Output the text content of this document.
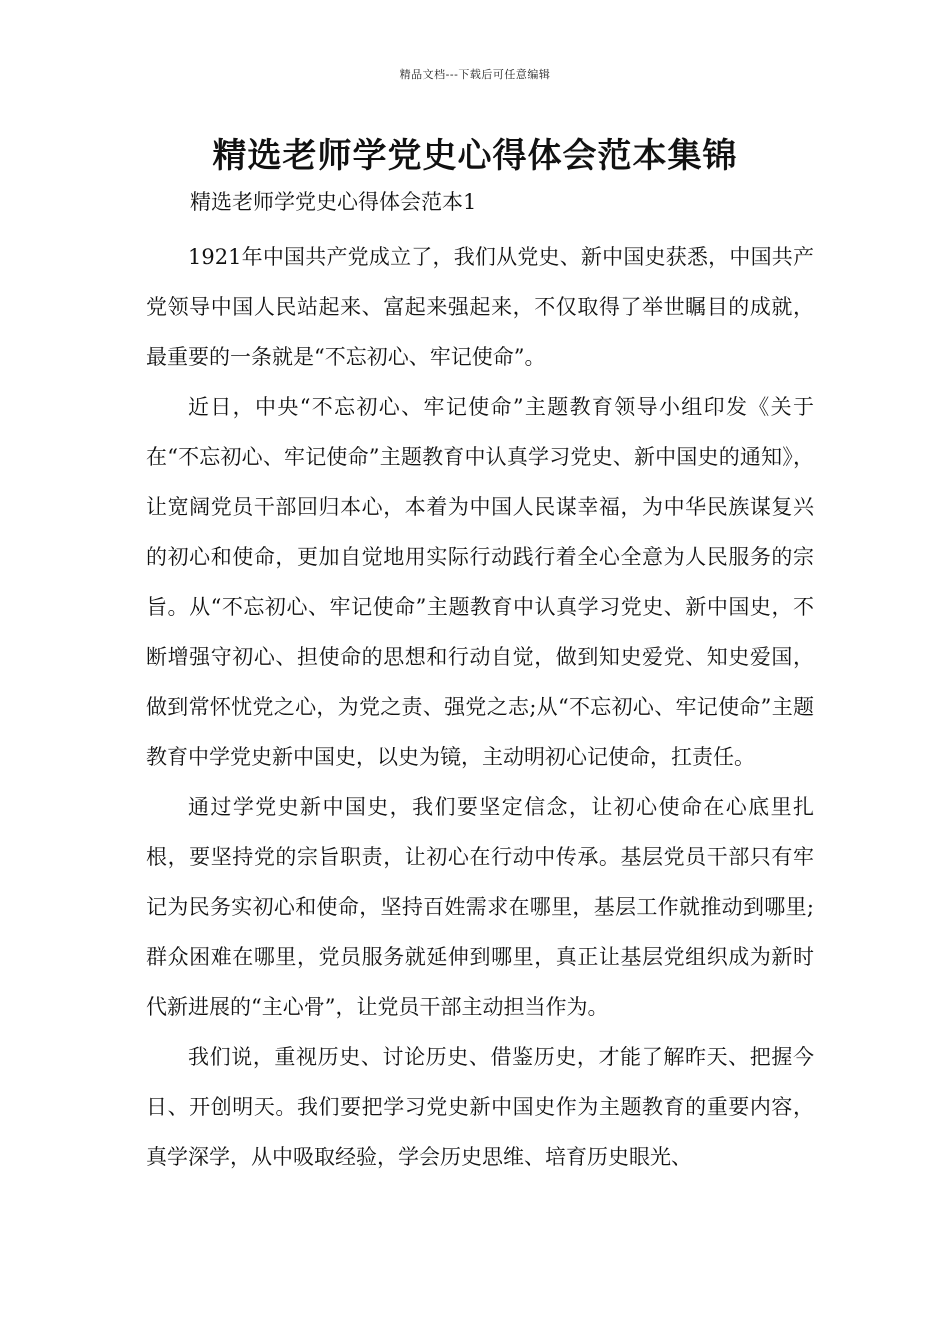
精品文档---下载后可任意编辑
精选老师学党史心得体会范本集锦
精选老师学党史心得体会范本1

1921年中国共产党成立了，我们从党史、新中国史获悉，中国共产党领导中国人民站起来、富起来强起来，不仅取得了举世瞩目的成就，最重要的一条就是“不忘初心、牢记使命”。

近日，中央“不忘初心、牢记使命”主题教育领导小组印发《关于在“不忘初心、牢记使命”主题教育中认真学习党史、新中国史的通知》，让宽阔党员干部回归本心，本着为中国人民谋幸福，为中华民族谋复兴的初心和使命，更加自觉地用实际行动践行着全心全意为人民服务的宗旨。从“不忘初心、牢记使命”主题教育中认真学习党史、新中国史，不断增强守初心、担使命的思想和行动自觉，做到知史爱党、知史爱国，做到常怀忧党之心，为党之责、强党之志;从“不忘初心、牢记使命”主题教育中学党史新中国史，以史为镜，主动明初心记使命，扛责任。

通过学党史新中国史，我们要坚定信念，让初心使命在心底里扎根，要坚持党的宗旨职责，让初心在行动中传承。基层党员干部只有牢记为民务实初心和使命，坚持百姓需求在哪里，基层工作就推动到哪里;群众困难在哪里，党员服务就延伸到哪里，真正让基层党组织成为新时代新进展的“主心骨”，让党员干部主动担当作为。

我们说，重视历史、讨论历史、借鉴历史，才能了解昨天、把握今日、开创明天。我们要把学习党史新中国史作为主题教育的重要内容，真学深学，从中吸取经验，学会历史思维、培育历史眼光、
